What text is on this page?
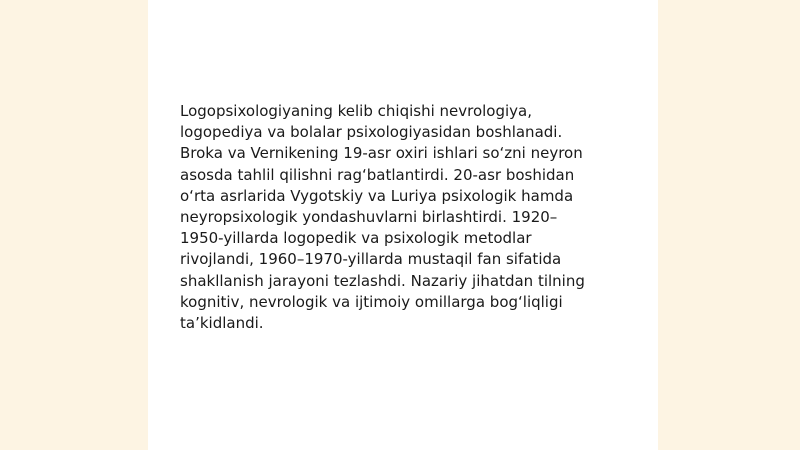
Logopsixologiyaning kelib chiqishi nevrologiya,
logopediya va bolalar psixologiyasidan boshlanadi.
Broka va Vernikening 19-asr oxiri ishlari so‘zni neyron
asosda tahlil qilishni rag‘batlantirdi. 20-asr boshidan
o‘rta asrlarida Vygotskiy va Luriya psixologik hamda
neyropsixologik yondashuvlarni birlashtirdi. 1920–
1950-yillarda logopedik va psixologik metodlar
rivojlandi, 1960–1970-yillarda mustaqil fan sifatida
shakllanish jarayoni tezlashdi. Nazariy jihatdan tilning
kognitiv, nevrologik va ijtimoiy omillarga bog‘liqligi
ta’kidlandi.
